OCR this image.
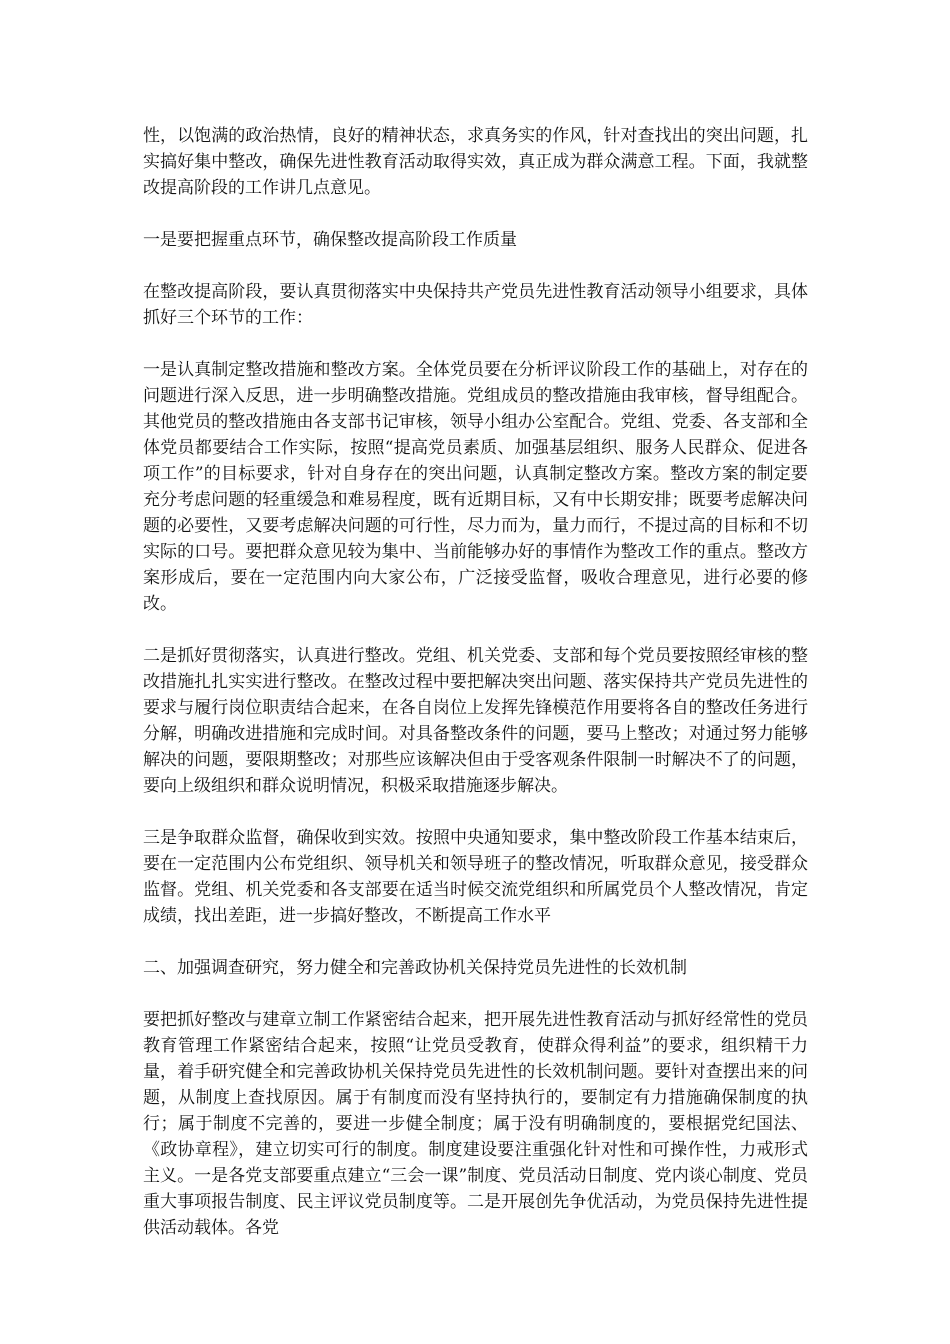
性，以饱满的政治热情，良好的精神状态，求真务实的作风，针对查找出的突出问题，扎实搞好集中整改，确保先进性教育活动取得实效，真正成为群众满意工程。下面，我就整改提高阶段的工作讲几点意见。

一是要把握重点环节，确保整改提高阶段工作质量

在整改提高阶段，要认真贯彻落实中央保持共产党员先进性教育活动领导小组要求，具体抓好三个环节的工作：

一是认真制定整改措施和整改方案。全体党员要在分析评议阶段工作的基础上，对存在的问题进行深入反思，进一步明确整改措施。党组成员的整改措施由我审核，督导组配合。其他党员的整改措施由各支部书记审核，领导小组办公室配合。党组、党委、各支部和全体党员都要结合工作实际，按照“提高党员素质、加强基层组织、服务人民群众、促进各项工作”的目标要求，针对自身存在的突出问题，认真制定整改方案。整改方案的制定要充分考虑问题的轻重缓急和难易程度，既有近期目标，又有中长期安排；既要考虑解决问题的必要性，又要考虑解决问题的可行性，尽力而为，量力而行，不提过高的目标和不切实际的口号。要把群众意见较为集中、当前能够办好的事情作为整改工作的重点。整改方案形成后，要在一定范围内向大家公布，广泛接受监督，吸收合理意见，进行必要的修改。

二是抓好贯彻落实，认真进行整改。党组、机关党委、支部和每个党员要按照经审核的整改措施扎扎实实进行整改。在整改过程中要把解决突出问题、落实保持共产党员先进性的要求与履行岗位职责结合起来，在各自岗位上发挥先锋模范作用要将各自的整改任务进行分解，明确改进措施和完成时间。对具备整改条件的问题，要马上整改；对通过努力能够解决的问题，要限期整改；对那些应该解决但由于受客观条件限制一时解决不了的问题，要向上级组织和群众说明情况，积极采取措施逐步解决。

三是争取群众监督，确保收到实效。按照中央通知要求，集中整改阶段工作基本结束后，要在一定范围内公布党组织、领导机关和领导班子的整改情况，听取群众意见，接受群众监督。党组、机关党委和各支部要在适当时候交流党组织和所属党员个人整改情况，肯定成绩，找出差距，进一步搞好整改，不断提高工作水平

二、加强调查研究，努力健全和完善政协机关保持党员先进性的长效机制

要把抓好整改与建章立制工作紧密结合起来，把开展先进性教育活动与抓好经常性的党员教育管理工作紧密结合起来，按照“让党员受教育，使群众得利益”的要求，组织精干力量，着手研究健全和完善政协机关保持党员先进性的长效机制问题。要针对查摆出来的问题，从制度上查找原因。属于有制度而没有坚持执行的，要制定有力措施确保制度的执行；属于制度不完善的，要进一步健全制度；属于没有明确制度的，要根据党纪国法、《政协章程》，建立切实可行的制度。制度建设要注重强化针对性和可操作性，力戒形式主义。一是各党支部要重点建立“三会一课”制度、党员活动日制度、党内谈心制度、党员重大事项报告制度、民主评议党员制度等。二是开展创先争优活动，为党员保持先进性提供活动载体。各党
